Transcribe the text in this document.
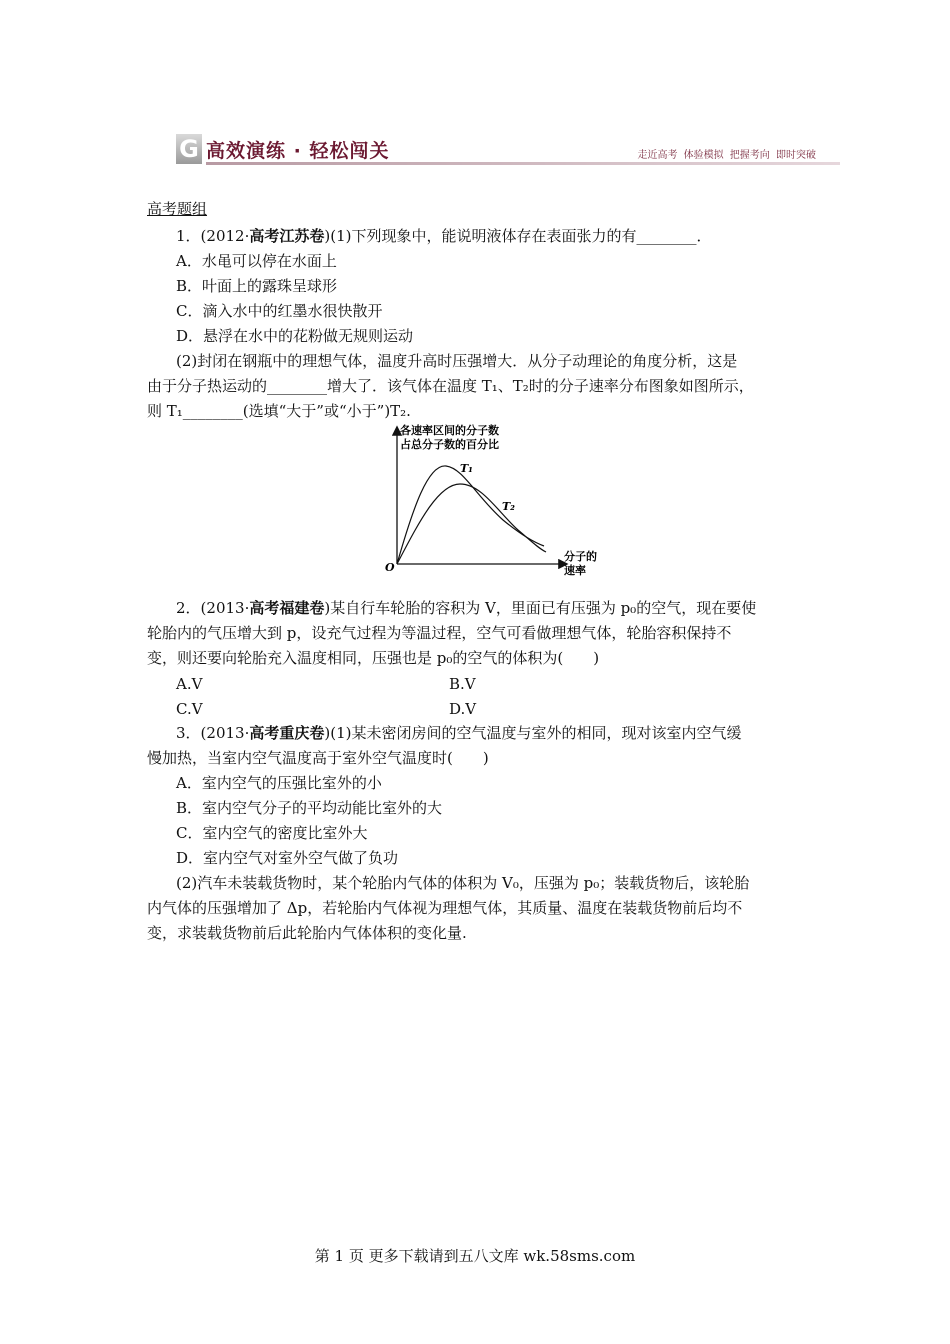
G 高效演练 · 轻松闯关	走近高考 体验模拟 把握考向 即时突破
高考题组
1．(2012·高考江苏卷)(1)下列现象中，能说明液体存在表面张力的有________．
A．水黾可以停在水面上
B．叶面上的露珠呈球形
C．滴入水中的红墨水很快散开
D．悬浮在水中的花粉做无规则运动
(2)封闭在钢瓶中的理想气体，温度升高时压强增大．从分子动理论的角度分析，这是
由于分子热运动的________增大了．该气体在温度 T₁、T₂时的分子速率分布图象如图所示，
则 T₁________(选填“大于”或“小于”)T₂.
2．(2013·高考福建卷)某自行车轮胎的容积为 V，里面已有压强为 p₀的空气，现在要使
轮胎内的气压增大到 p，设充气过程为等温过程，空气可看做理想气体，轮胎容积保持不
变，则还要向轮胎充入温度相同，压强也是 p₀的空气的体积为(　　)
A.V	B.V
C.V	D.V
3．(2013·高考重庆卷)(1)某未密闭房间的空气温度与室外的相同，现对该室内空气缓
慢加热，当室内空气温度高于室外空气温度时(　　)
A．室内空气的压强比室外的小
B．室内空气分子的平均动能比室外的大
C．室内空气的密度比室外大
D．室内空气对室外空气做了负功
(2)汽车未装载货物时，某个轮胎内气体的体积为 V₀，压强为 p₀；装载货物后，该轮胎
内气体的压强增加了 Δp，若轮胎内气体视为理想气体，其质量、温度在装载货物前后均不
变，求装载货物前后此轮胎内气体体积的变化量.
各速率区间的分子数
占总分子数的百分比
T₁
T₂
O
分子的
速率
第 1 页 更多下载请到五八文库 wk.58sms.com
